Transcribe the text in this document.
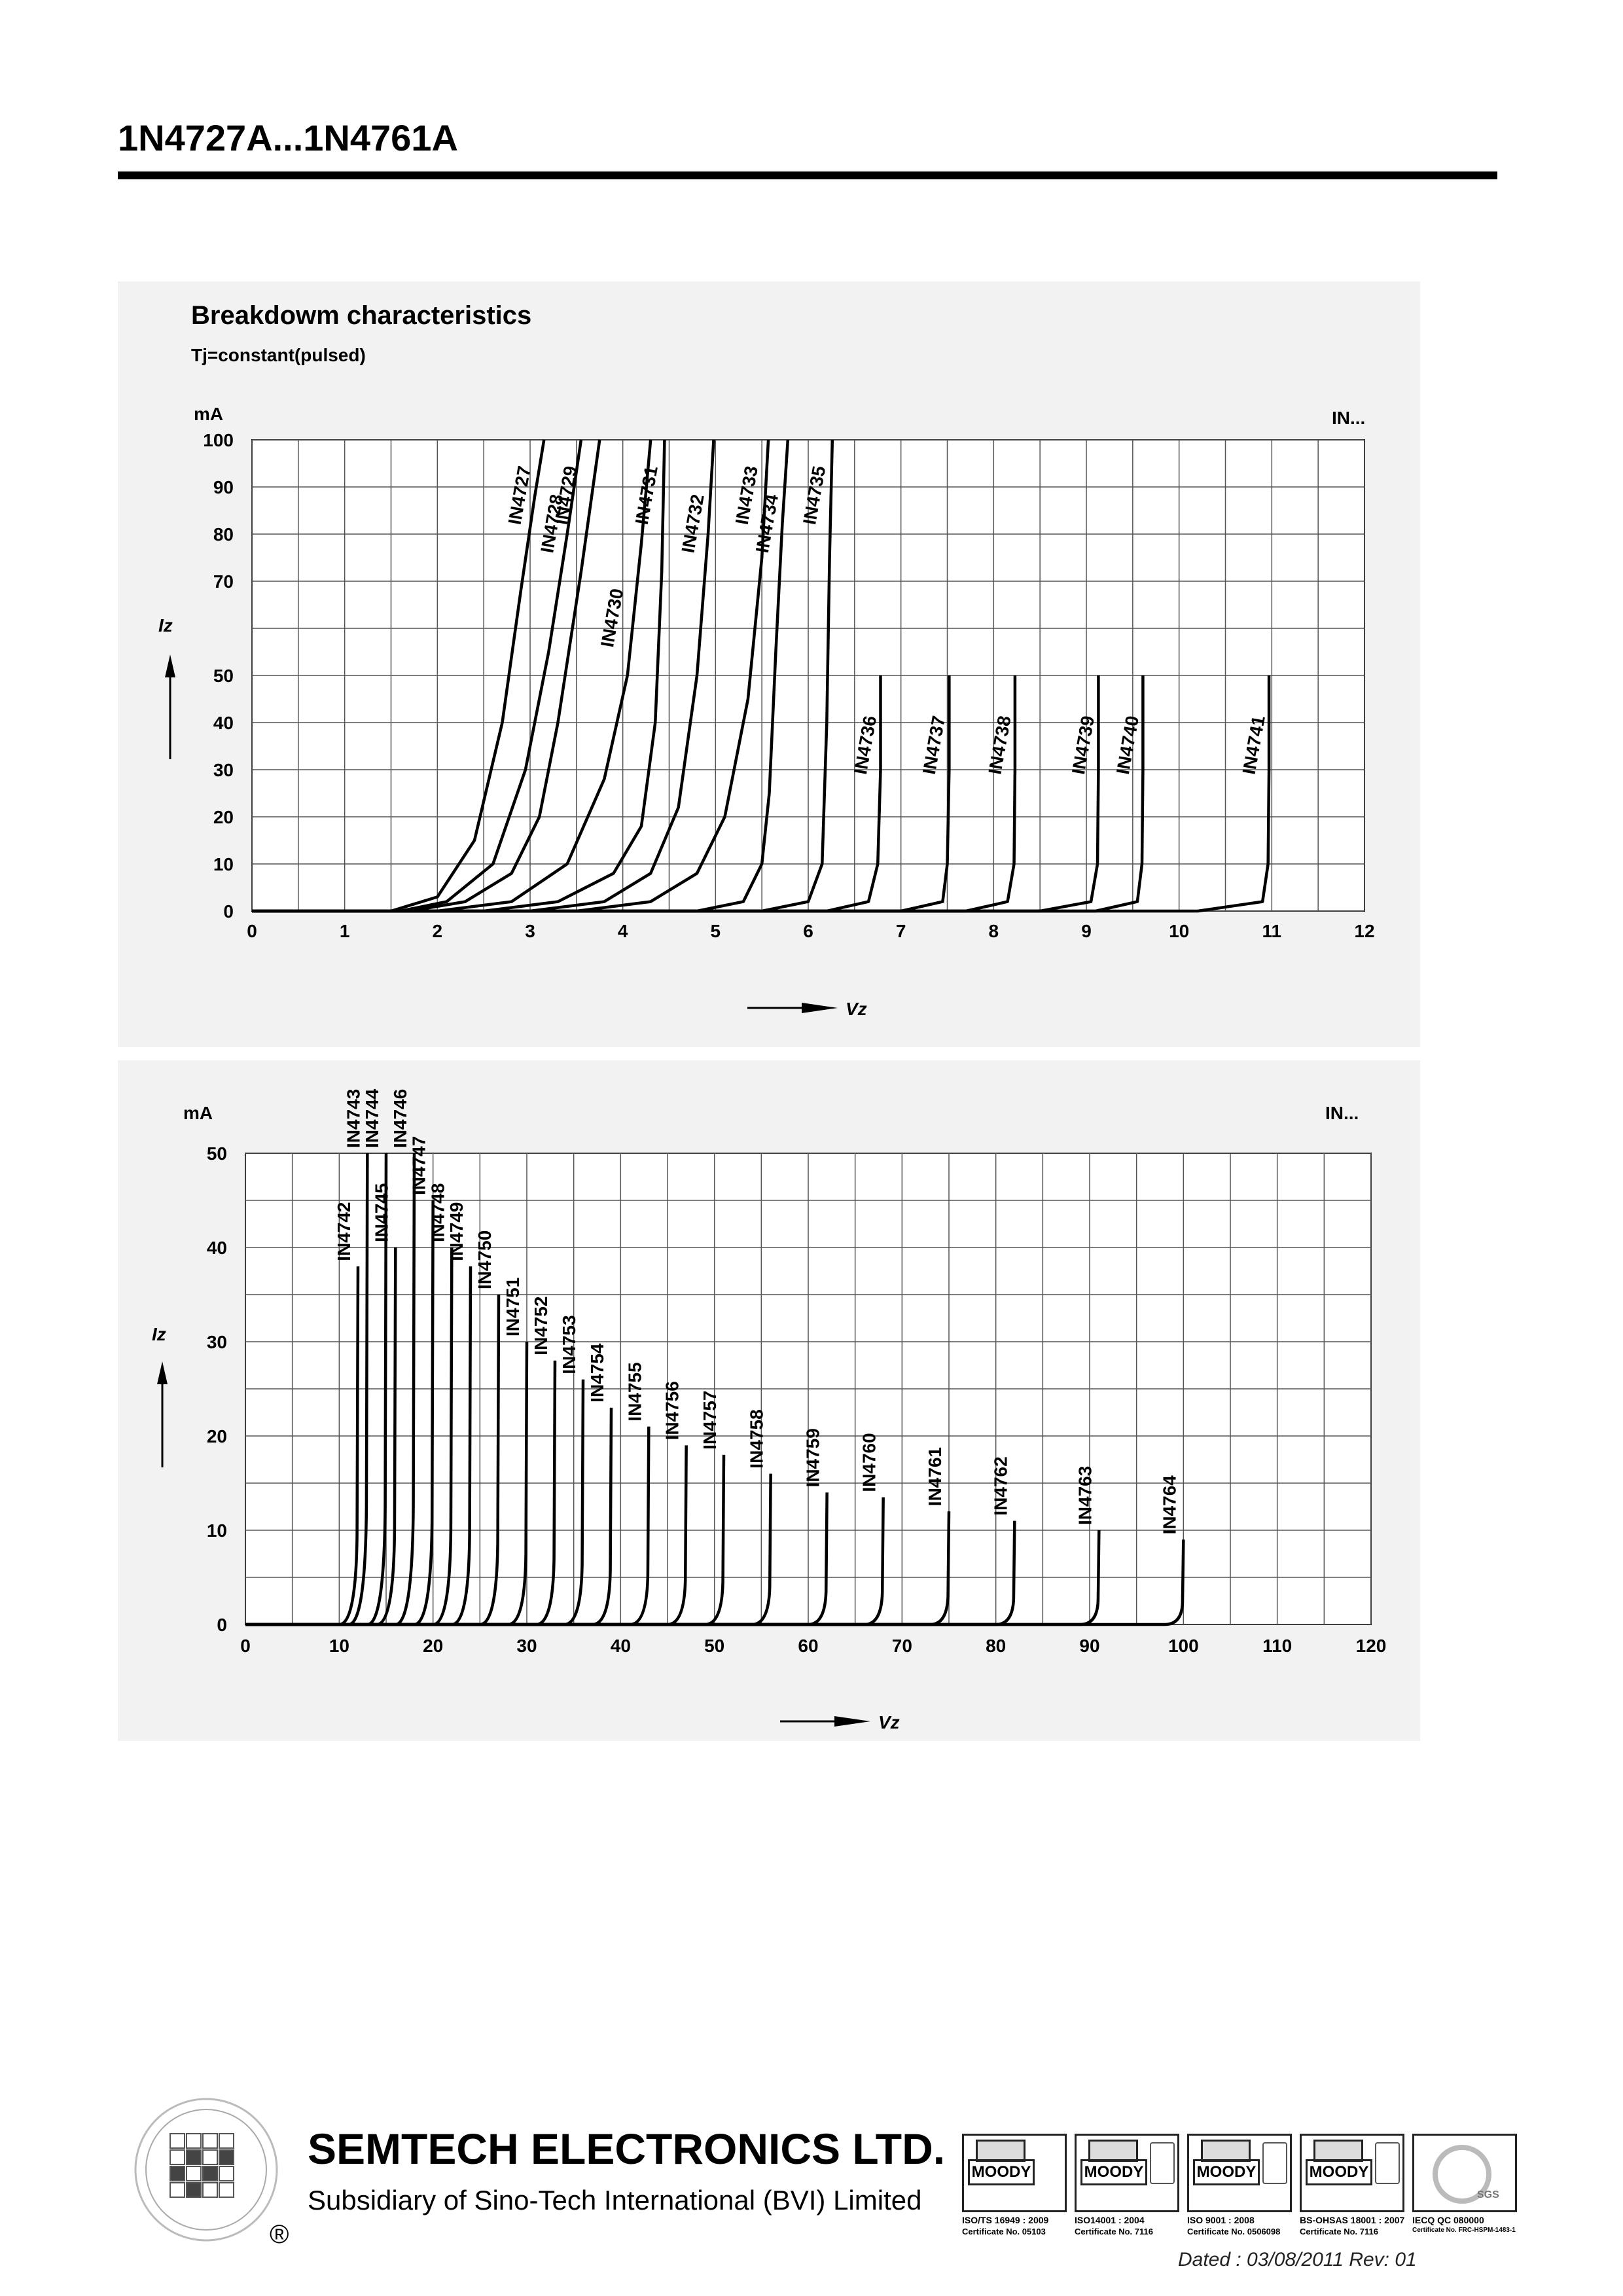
1N4727A...1N4761A
Breakdowm characteristics
Tj=constant(pulsed)
mA	IN...
Iz
Vz
0	1	2	3	4	5	6	7	8	9	10	11	12
0
10
20
30
40
50
70
80
90
100
IN4727 IN4728
IN4729
IN4730
IN4731 IN4732 IN4733
IN4734 IN4735
IN4736 IN4737 IN4738	IN4739 IN4740	IN4741
mA	IN...
Iz
Vz
0	10	20	30	40	50	60	70	80	90	100	110	120
0
10
20
30
40
50
IN4742
IN4743
IN4744
IN4745
IN4746
IN4747
IN4748
IN4749 IN4750
IN4751 IN4752 IN4753 IN4754 IN4755 IN4756 IN4757 IN4758 IN4759 IN4760 IN4761 IN4762	IN4763	IN4764
SEMTECH ELECTRONICS LTD.
Subsidiary of Sino-Tech International (BVI) Limited
®
MOODY
ISO/TS 16949 : 2009
Certificate No. 05103
MOODY
ISO14001 : 2004
Certificate No. 7116
MOODY
ISO 9001 : 2008
Certificate No. 0506098
MOODY
BS-OHSAS 18001 : 2007
Certificate No. 7116
SGS
IECQ QC 080000
Certificate No. FRC-HSPM-1483-1
Dated : 03/08/2011 Rev: 01
